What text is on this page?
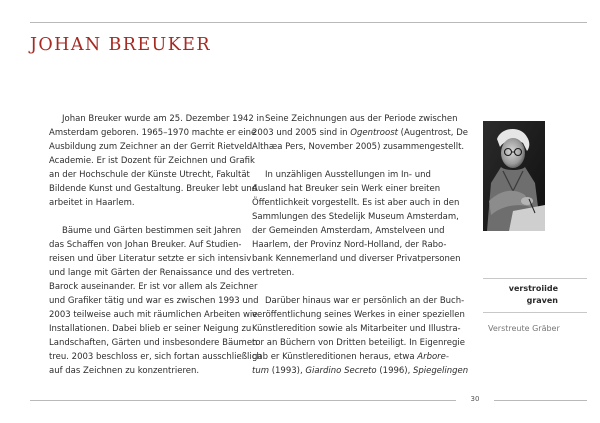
JOHAN BREUKER

Johan Breuker wurde am 25. Dezember 1942 in
Amsterdam geboren. 1965–1970 machte er eine
Ausbildung zum Zeichner an der Gerrit Rietveld
Academie. Er ist Dozent für Zeichnen und Grafik
an der Hochschule der Künste Utrecht, Fakultät
Bildende Kunst und Gestaltung. Breuker lebt und
arbeitet in Haarlem.

Bäume und Gärten bestimmen seit Jahren
das Schaffen von Johan Breuker. Auf Studien-
reisen und über Literatur setzte er sich intensiv
und lange mit Gärten der Renaissance und des
Barock auseinander. Er ist vor allem als Zeichner
und Grafiker tätig und war es zwischen 1993 und
2003 teilweise auch mit räumlichen Arbeiten wie
Installationen. Dabei blieb er seiner Neigung zu
Landschaften, Gärten und insbesondere Bäumen
treu. 2003 beschloss er, sich fortan ausschließlich
auf das Zeichnen zu konzentrieren.

Seine Zeichnungen aus der Periode zwischen
2003 und 2005 sind in Ogentroost (Augentrost, De
Althæa Pers, November 2005) zusammengestellt.

In unzähligen Ausstellungen im In- und
Ausland hat Breuker sein Werk einer breiten
Öffentlichkeit vorgestellt. Es ist aber auch in den
Sammlungen des Stedelijk Museum Amsterdam,
der Gemeinden Amsterdam, Amstelveen und
Haarlem, der Provinz Nord-Holland, der Rabo-
bank Kennemerland und diverser Privatpersonen
vertreten.

Darüber hinaus war er persönlich an der Buch-
veröffentlichung seines Werkes in einer speziellen
Künstleredition sowie als Mitarbeiter und Illustra-
tor an Büchern von Dritten beteiligt. In Eigenregie
gab er Künstlereditionen heraus, etwa Arbore-
tum (1993), Giardino Secreto (1996), Spiegelingen

verstroiide
graven
Verstreute Gräber
30
